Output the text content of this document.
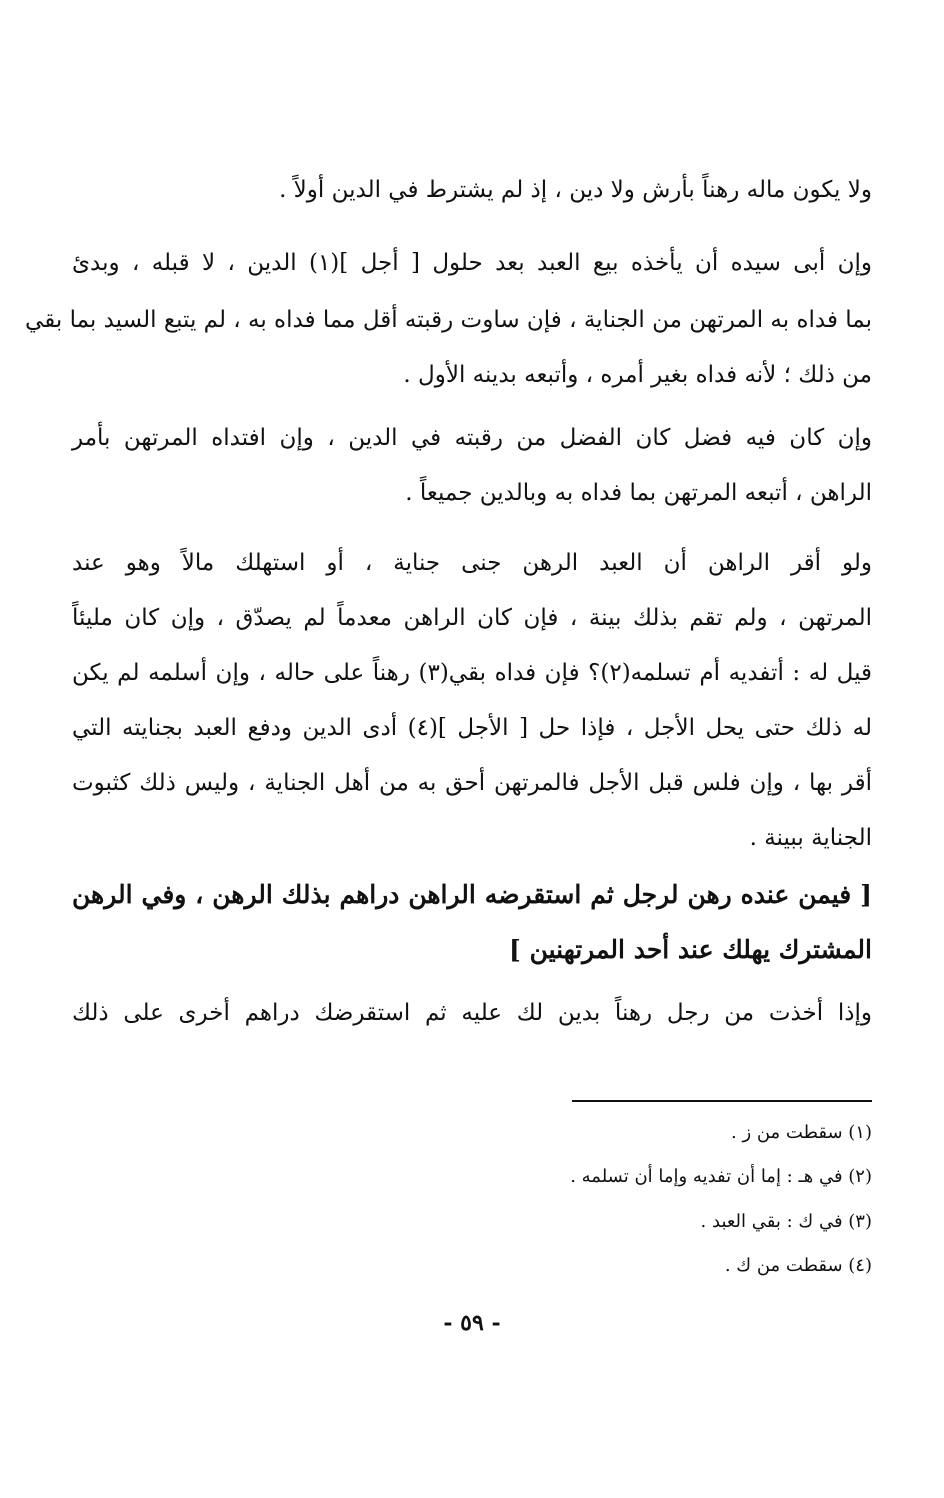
ولا يكون ماله رهناً بأرش ولا دين ، إذ لم يشترط في الدين أولاً .
وإن أبى سيده أن يأخذه بيع العبد بعد حلول [ أجل ](١) الدين ، لا قبله ، وبدئ
بما فداه به المرتهن من الجناية ، فإن ساوت رقبته أقل مما فداه به ، لم يتبع السيد بما بقي
من ذلك ؛ لأنه فداه بغير أمره ، وأتبعه بدينه الأول .
وإن كان فيه فضل كان الفضل من رقبته في الدين ، وإن افتداه المرتهن بأمر
الراهن ، أتبعه المرتهن بما فداه به وبالدين جميعاً .
ولو أقر الراهن أن العبد الرهن جنى جناية ، أو استهلك مالاً وهو عند
المرتهن ، ولم تقم بذلك بينة ، فإن كان الراهن معدماً لم يصدّق ، وإن كان مليئاً
قيل له : أتفديه أم تسلمه(٢)؟ فإن فداه بقي(٣) رهناً على حاله ، وإن أسلمه لم يكن
له ذلك حتى يحل الأجل ، فإذا حل [ الأجل ](٤) أدى الدين ودفع العبد بجنايته التي
أقر بها ، وإن فلس قبل الأجل فالمرتهن أحق به من أهل الجناية ، وليس ذلك كثبوت
الجناية ببينة .
[ فيمن عنده رهن لرجل ثم استقرضه الراهن دراهم بذلك الرهن ، وفي الرهن
المشترك يهلك عند أحد المرتهنين ]
وإذا أخذت من رجل رهناً بدين لك عليه ثم استقرضك دراهم أخرى على ذلك
(١) سقطت من ز .
(٢) في هـ : إما أن تفديه وإما أن تسلمه .
(٣) في ك : بقي العبد .
(٤) سقطت من ك .
- ٥٩ -
